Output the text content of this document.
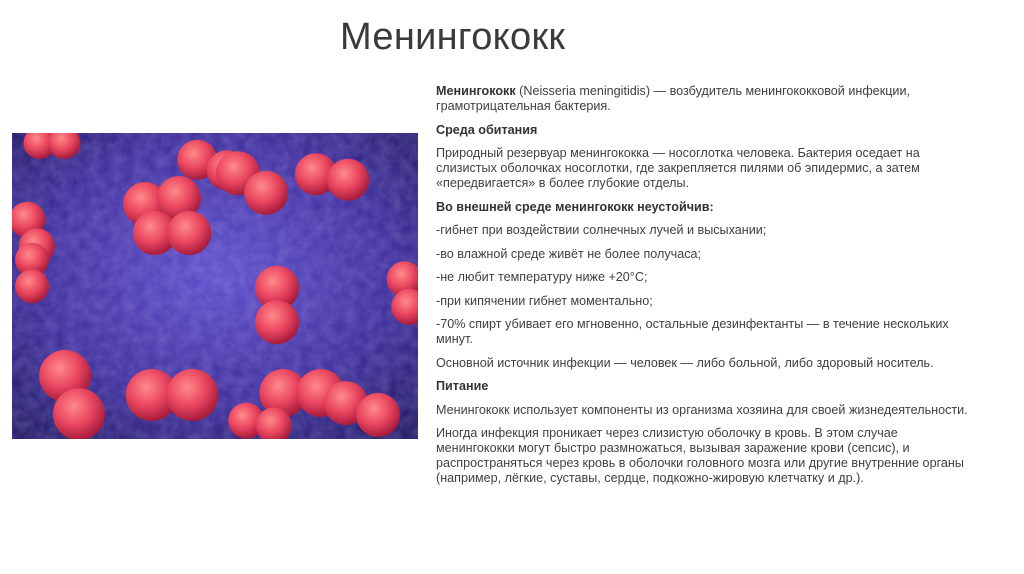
Менингококк

Менингококк (Neisseria meningitidis) — возбудитель менингококковой инфекции, грамотрицательная бактерия.

Среда обитания

Природный резервуар менингококка — носоглотка человека. Бактерия оседает на слизистых оболочках носоглотки, где закрепляется пилями об эпидермис, а затем «передвигается» в более глубокие отделы.

Во внешней среде менингококк неустойчив:

-гибнет при воздействии солнечных лучей и высыхании;

-во влажной среде живёт не более получаса;

-не любит температуру ниже +20°C;

-при кипячении гибнет моментально;

-70% спирт убивает его мгновенно, остальные дезинфектанты — в течение нескольких минут.

Основной источник инфекции — человек — либо больной, либо здоровый носитель.

Питание

Менингококк использует компоненты из организма хозяина для своей жизнедеятельности.

Иногда инфекция проникает через слизистую оболочку в кровь. В этом случае менингококки могут быстро размножаться, вызывая заражение крови (сепсис), и распространяться через кровь в оболочки головного мозга или другие внутренние органы (например, лёгкие, суставы, сердце, подкожно-жировую клетчатку и др.).
